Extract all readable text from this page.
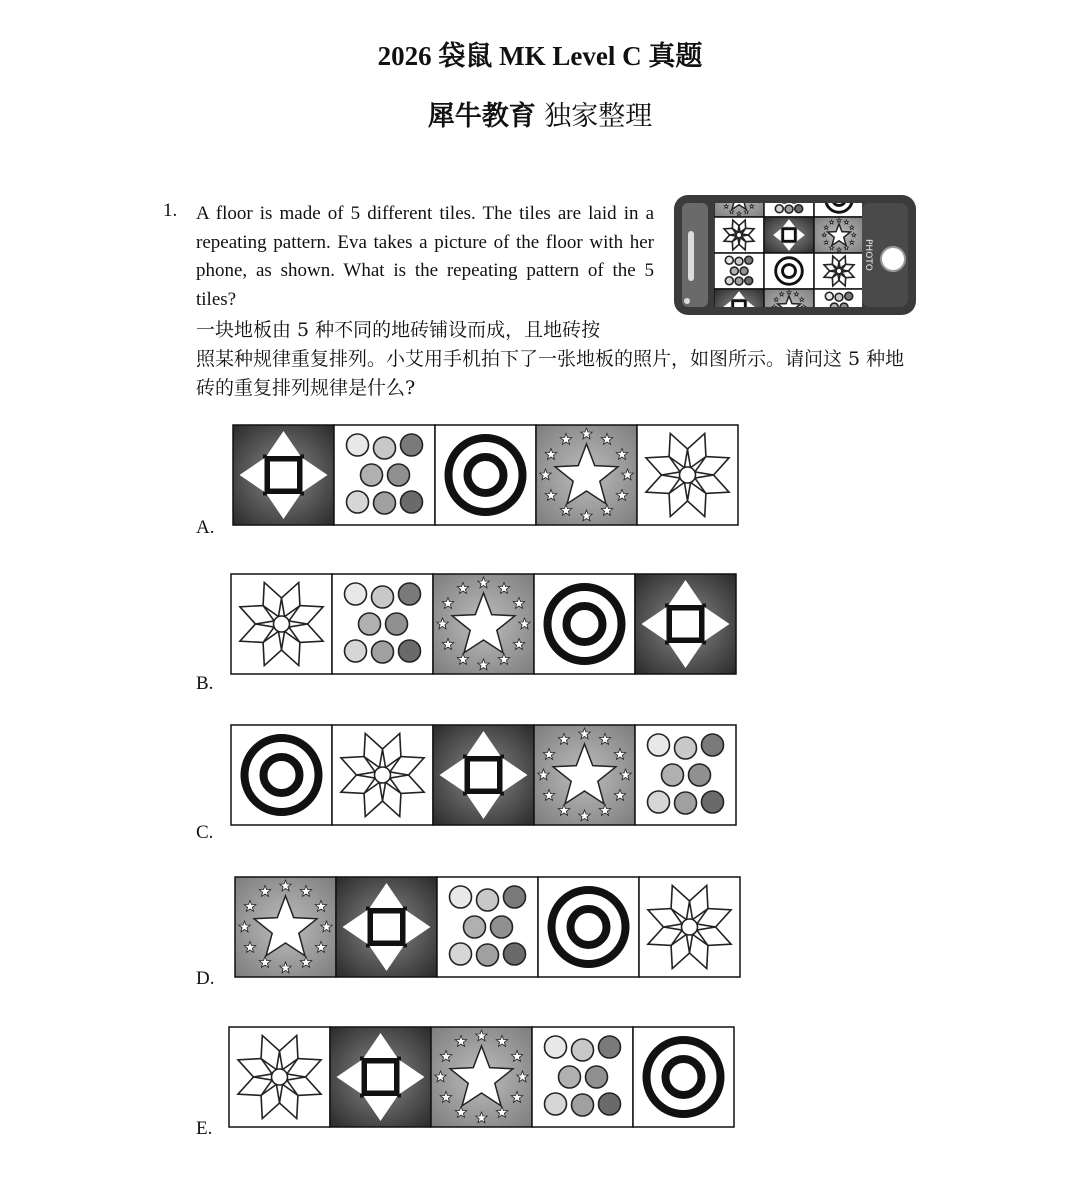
2026 袋鼠 MK Level C 真题
犀牛教育 独家整理
1. A floor is made of 5 different tiles. The tiles are laid in a repeating pattern. Eva takes a picture of the floor with her phone, as shown. What is the repeating pattern of the 5 tiles?

PHOTO

一块地板由 5 种不同的地砖铺设而成，且地砖按
照某种规律重复排列。小艾用手机拍下了一张地板的照片，如图所示。请问这 5 种地砖的重复排列规律是什么?

A.
B.
C.
D.
E.
